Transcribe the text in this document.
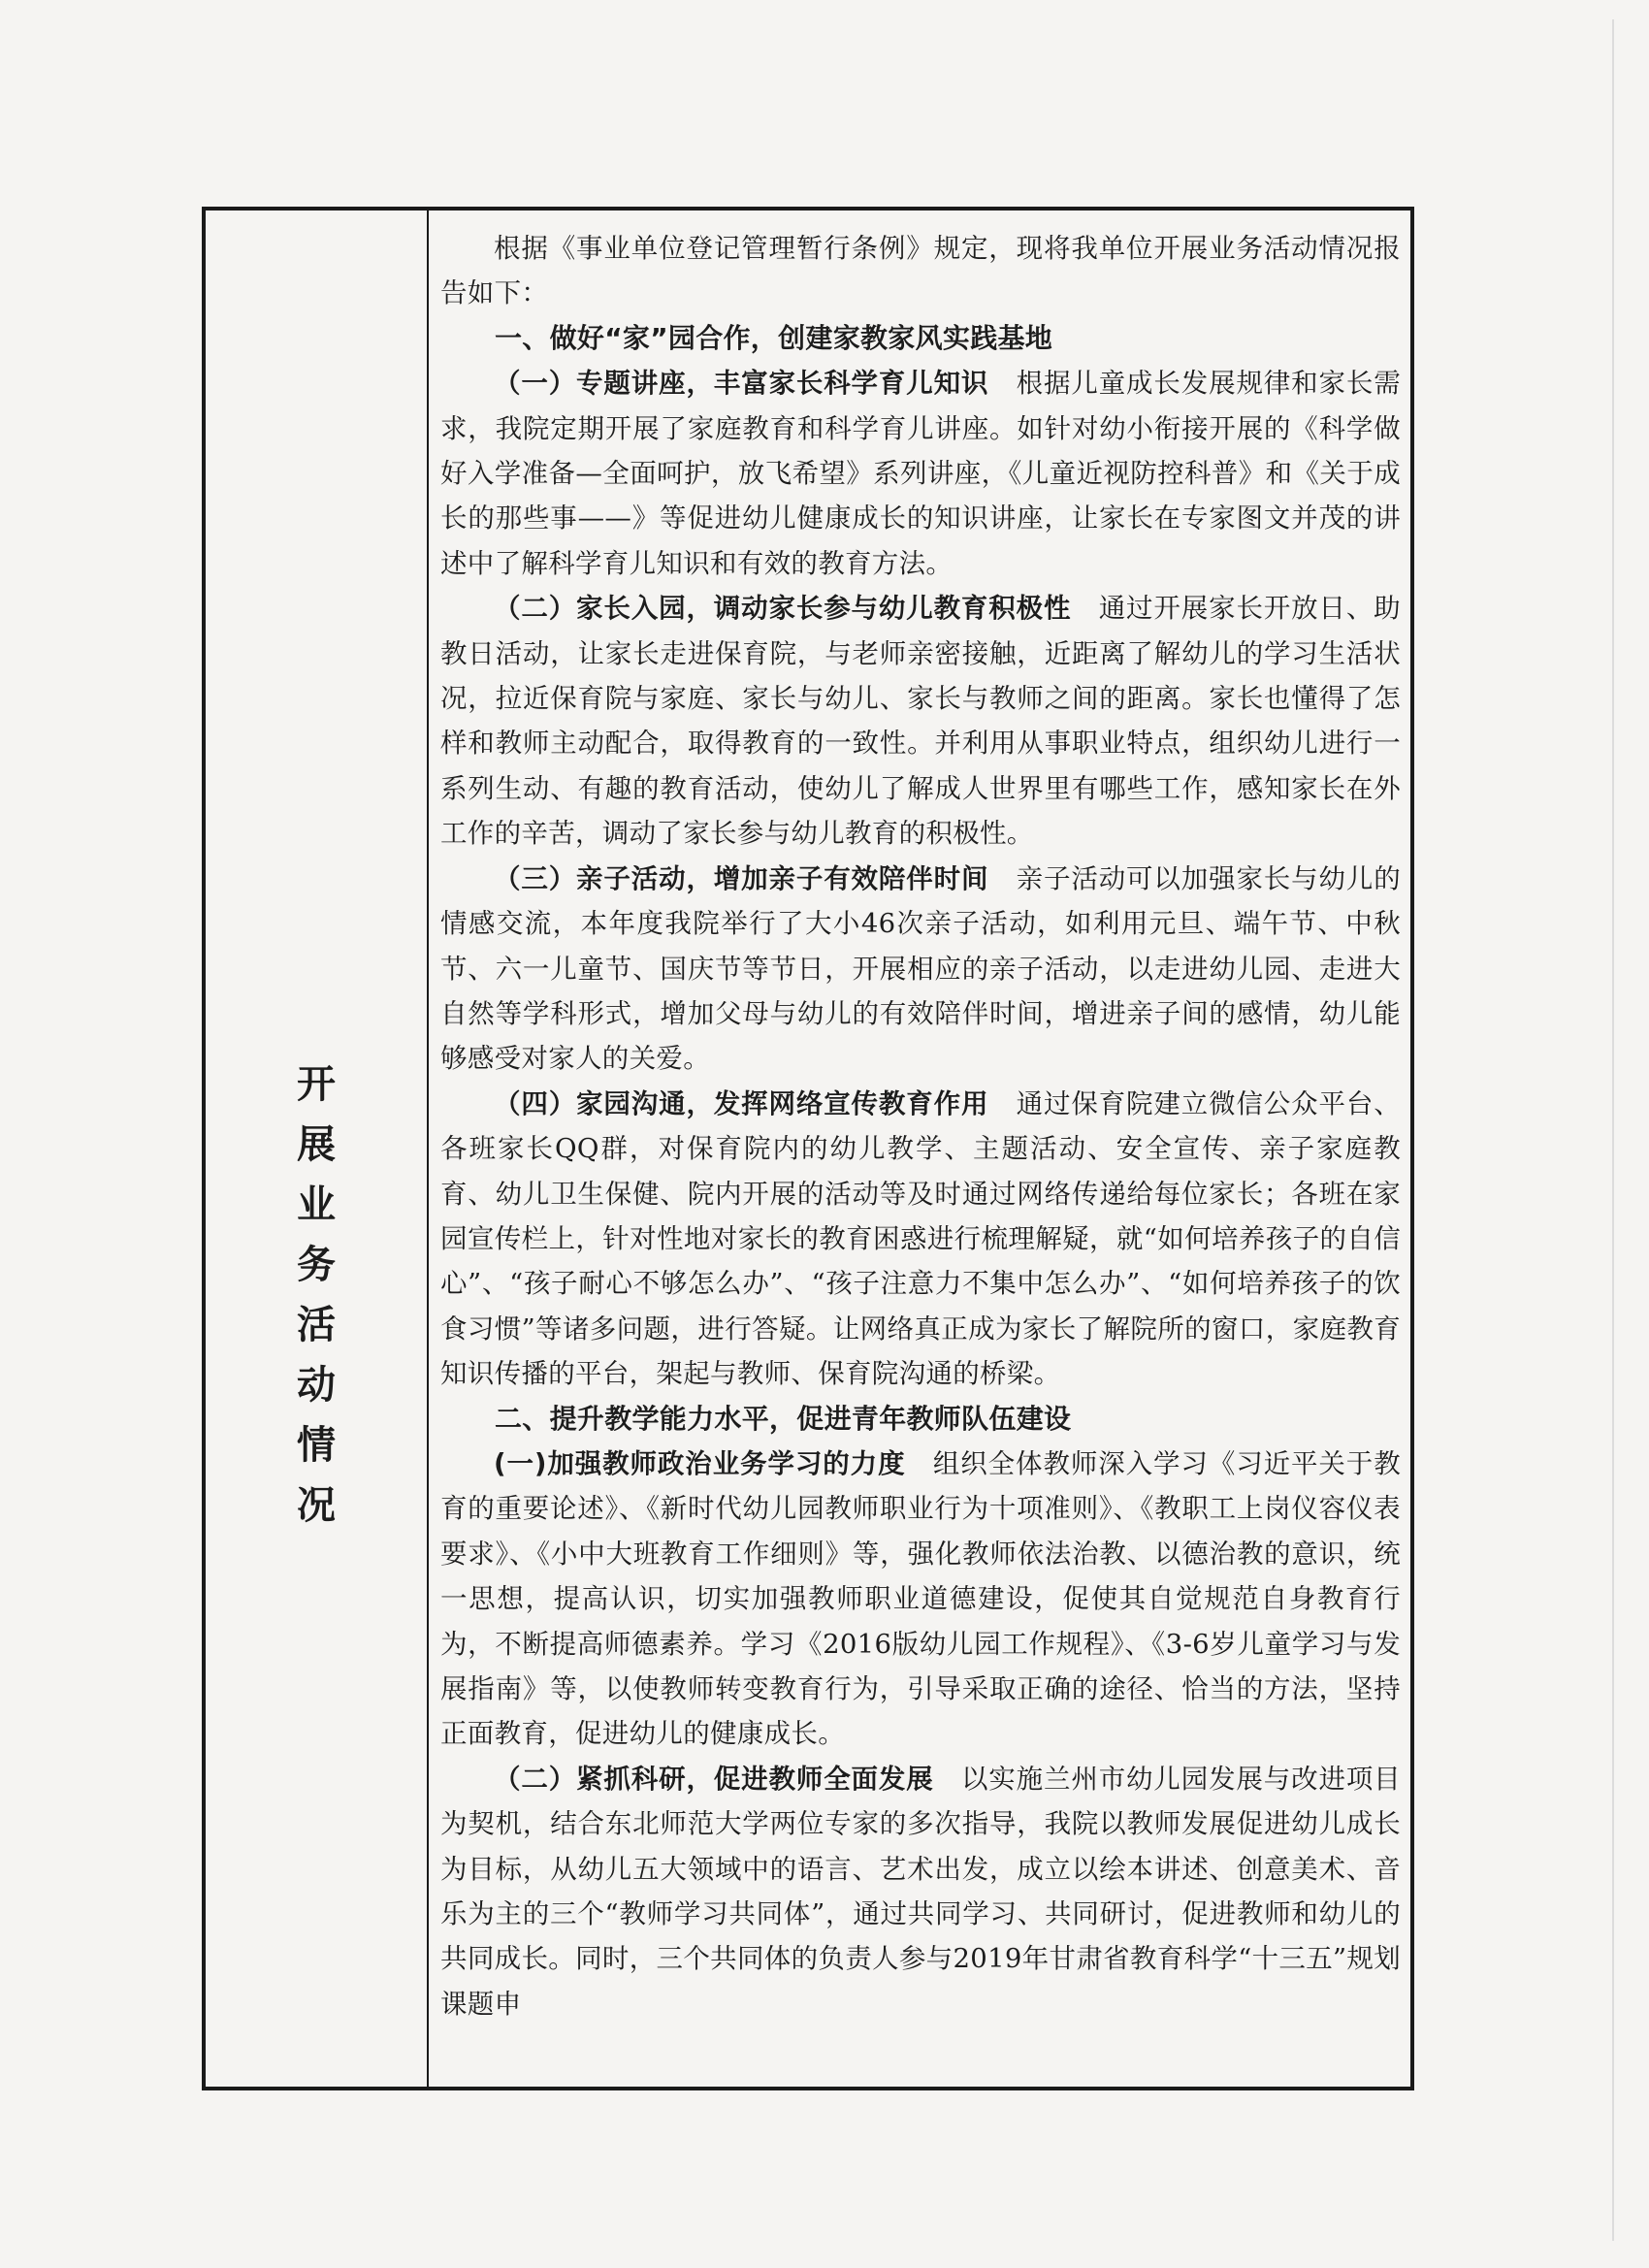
开
展
业
务
活
动
情
况

根据《事业单位登记管理暂行条例》规定，现将我单位开展业务活动情况报告如下：

一、做好“家”园合作，创建家教家风实践基地

（一）专题讲座，丰富家长科学育儿知识　根据儿童成长发展规律和家长需求，我院定期开展了家庭教育和科学育儿讲座。如针对幼小衔接开展的《科学做好入学准备—全面呵护，放飞希望》系列讲座，《儿童近视防控科普》和《关于成长的那些事——》等促进幼儿健康成长的知识讲座，让家长在专家图文并茂的讲述中了解科学育儿知识和有效的教育方法。

（二）家长入园，调动家长参与幼儿教育积极性　通过开展家长开放日、助教日活动，让家长走进保育院，与老师亲密接触，近距离了解幼儿的学习生活状况，拉近保育院与家庭、家长与幼儿、家长与教师之间的距离。家长也懂得了怎样和教师主动配合，取得教育的一致性。并利用从事职业特点，组织幼儿进行一系列生动、有趣的教育活动，使幼儿了解成人世界里有哪些工作，感知家长在外工作的辛苦，调动了家长参与幼儿教育的积极性。

（三）亲子活动，增加亲子有效陪伴时间　亲子活动可以加强家长与幼儿的情感交流，本年度我院举行了大小46次亲子活动，如利用元旦、端午节、中秋节、六一儿童节、国庆节等节日，开展相应的亲子活动，以走进幼儿园、走进大自然等学科形式，增加父母与幼儿的有效陪伴时间，增进亲子间的感情，幼儿能够感受对家人的关爱。

（四）家园沟通，发挥网络宣传教育作用　通过保育院建立微信公众平台、各班家长QQ群，对保育院内的幼儿教学、主题活动、安全宣传、亲子家庭教育、幼儿卫生保健、院内开展的活动等及时通过网络传递给每位家长；各班在家园宣传栏上，针对性地对家长的教育困惑进行梳理解疑，就“如何培养孩子的自信心”、“孩子耐心不够怎么办”、“孩子注意力不集中怎么办”、“如何培养孩子的饮食习惯”等诸多问题，进行答疑。让网络真正成为家长了解院所的窗口，家庭教育知识传播的平台，架起与教师、保育院沟通的桥梁。

二、提升教学能力水平，促进青年教师队伍建设

(一)加强教师政治业务学习的力度　组织全体教师深入学习《习近平关于教育的重要论述》、《新时代幼儿园教师职业行为十项准则》、《教职工上岗仪容仪表要求》、《小中大班教育工作细则》等，强化教师依法治教、以德治教的意识，统一思想，提高认识，切实加强教师职业道德建设，促使其自觉规范自身教育行为，不断提高师德素养。学习《2016版幼儿园工作规程》、《3-6岁儿童学习与发展指南》等，以使教师转变教育行为，引导采取正确的途径、恰当的方法，坚持正面教育，促进幼儿的健康成长。

（二）紧抓科研，促进教师全面发展　以实施兰州市幼儿园发展与改进项目为契机，结合东北师范大学两位专家的多次指导，我院以教师发展促进幼儿成长为目标，从幼儿五大领域中的语言、艺术出发，成立以绘本讲述、创意美术、音乐为主的三个“教师学习共同体”，通过共同学习、共同研讨，促进教师和幼儿的共同成长。同时，三个共同体的负责人参与2019年甘肃省教育科学“十三五”规划课题申
